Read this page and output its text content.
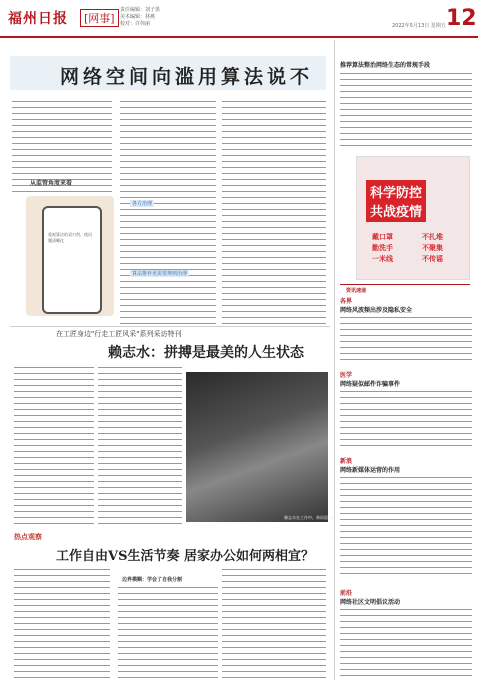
福州日报	[网事]
责任编辑：刘子墨
美术编辑：林燕
校对：许伟丽	2022年5月13日 星期五 12
网络空间向滥用算法说不
从监管角度来看
重视算法的双刃剑，使问题清晰化
各方治理
算法推荐更需要规则治理
在工匠身边"行走工匠风采"系列采访特刊
赖志水：拼搏是最美的人生状态
赖志水在工作中。林雨晨 摄
热点观察
工作自由VS生活节奏 居家办公如何两相宜？
边界模糊：学会了自我分割
推荐算法整治网络生态的常规手段
科学防控
共战疫情
戴口罩
勤洗手
一米线
不扎堆
不聚集
不传谣
资讯速递
各界
网络风波频出涉及隐私安全
医学
网络疑似邮件诈骗事件
新浪
网络新媒体运营的作用
前沿
网络社区文明倡议活动
